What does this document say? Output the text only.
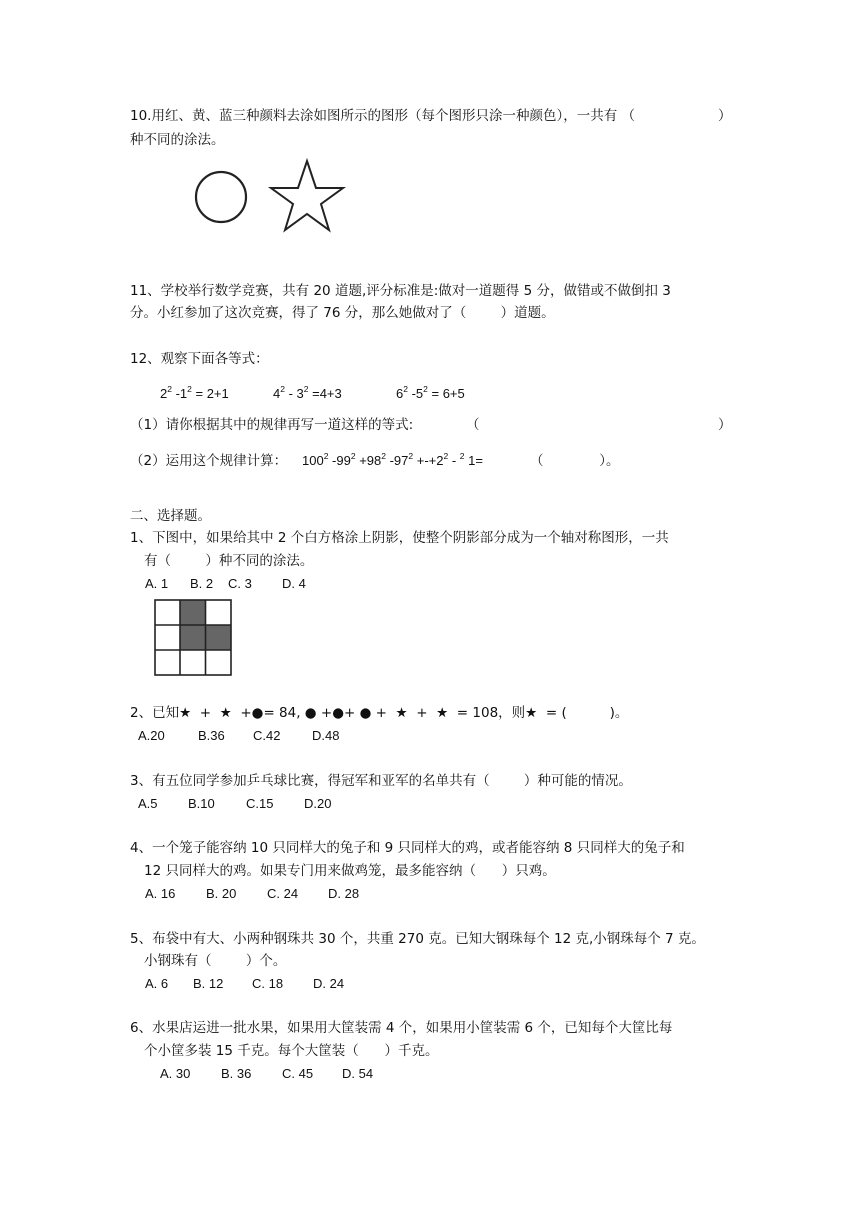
10.用红、黄、蓝三种颜料去涂如图所示的图形（每个图形只涂一种颜色），一共有 （	）
种不同的涂法。
11、学校举行数学竞赛，共有 20 道题,评分标准是:做对一道题得 5 分，做错或不做倒扣 3
分。小红参加了这次竞赛，得了 76 分，那么她做对了（        ）道题。
12、观察下面各等式：
$2^2$ $-1^2 = 2+1$	$4^2 - 3^2 =4+3$	$6^2$ $-5^2 = 6+5$
（1）请你根据其中的规律再写一道这样的等式:	（	）
（2）运用这个规律计算： $100^2$ $-99^2 +98^2$ $-97^2 +-+2^2 - ^2$ 1=	（             ）。
二、选择题。
1、下图中，如果给其中 2 个白方格涂上阴影，使整个阴影部分成为一个轴对称图形，一共
有（        ）种不同的涂法。
A. 1 B. 2 C. 3 D. 4
2、已知★  +  ★  +●= 84, ● +●+ ● +  ★  +  ★  = 108，则★  = (          )。
A.20	B.36 C.42 D.48
3、有五位同学参加乒乓球比赛，得冠军和亚军的名单共有（        ）种可能的情况。
A.5 B.10 C.15 D.20
4、一个笼子能容纳 10 只同样大的兔子和 9 只同样大的鸡，或者能容纳 8 只同样大的兔子和
12 只同样大的鸡。如果专门用来做鸡笼，最多能容纳（      ）只鸡。
A. 16 B. 20 C. 24 D. 28
5、布袋中有大、小两种钢珠共 30 个，共重 270 克。已知大钢珠每个 12 克,小钢珠每个 7 克。
小钢珠有（        ）个。
A. 6 B. 12 C. 18 D. 24
6、水果店运进一批水果，如果用大筐装需 4 个，如果用小筐装需 6 个，已知每个大筐比每
个小筐多装 15 千克。每个大筐装（      ）千克。
A. 30 B. 36 C. 45 D. 54
